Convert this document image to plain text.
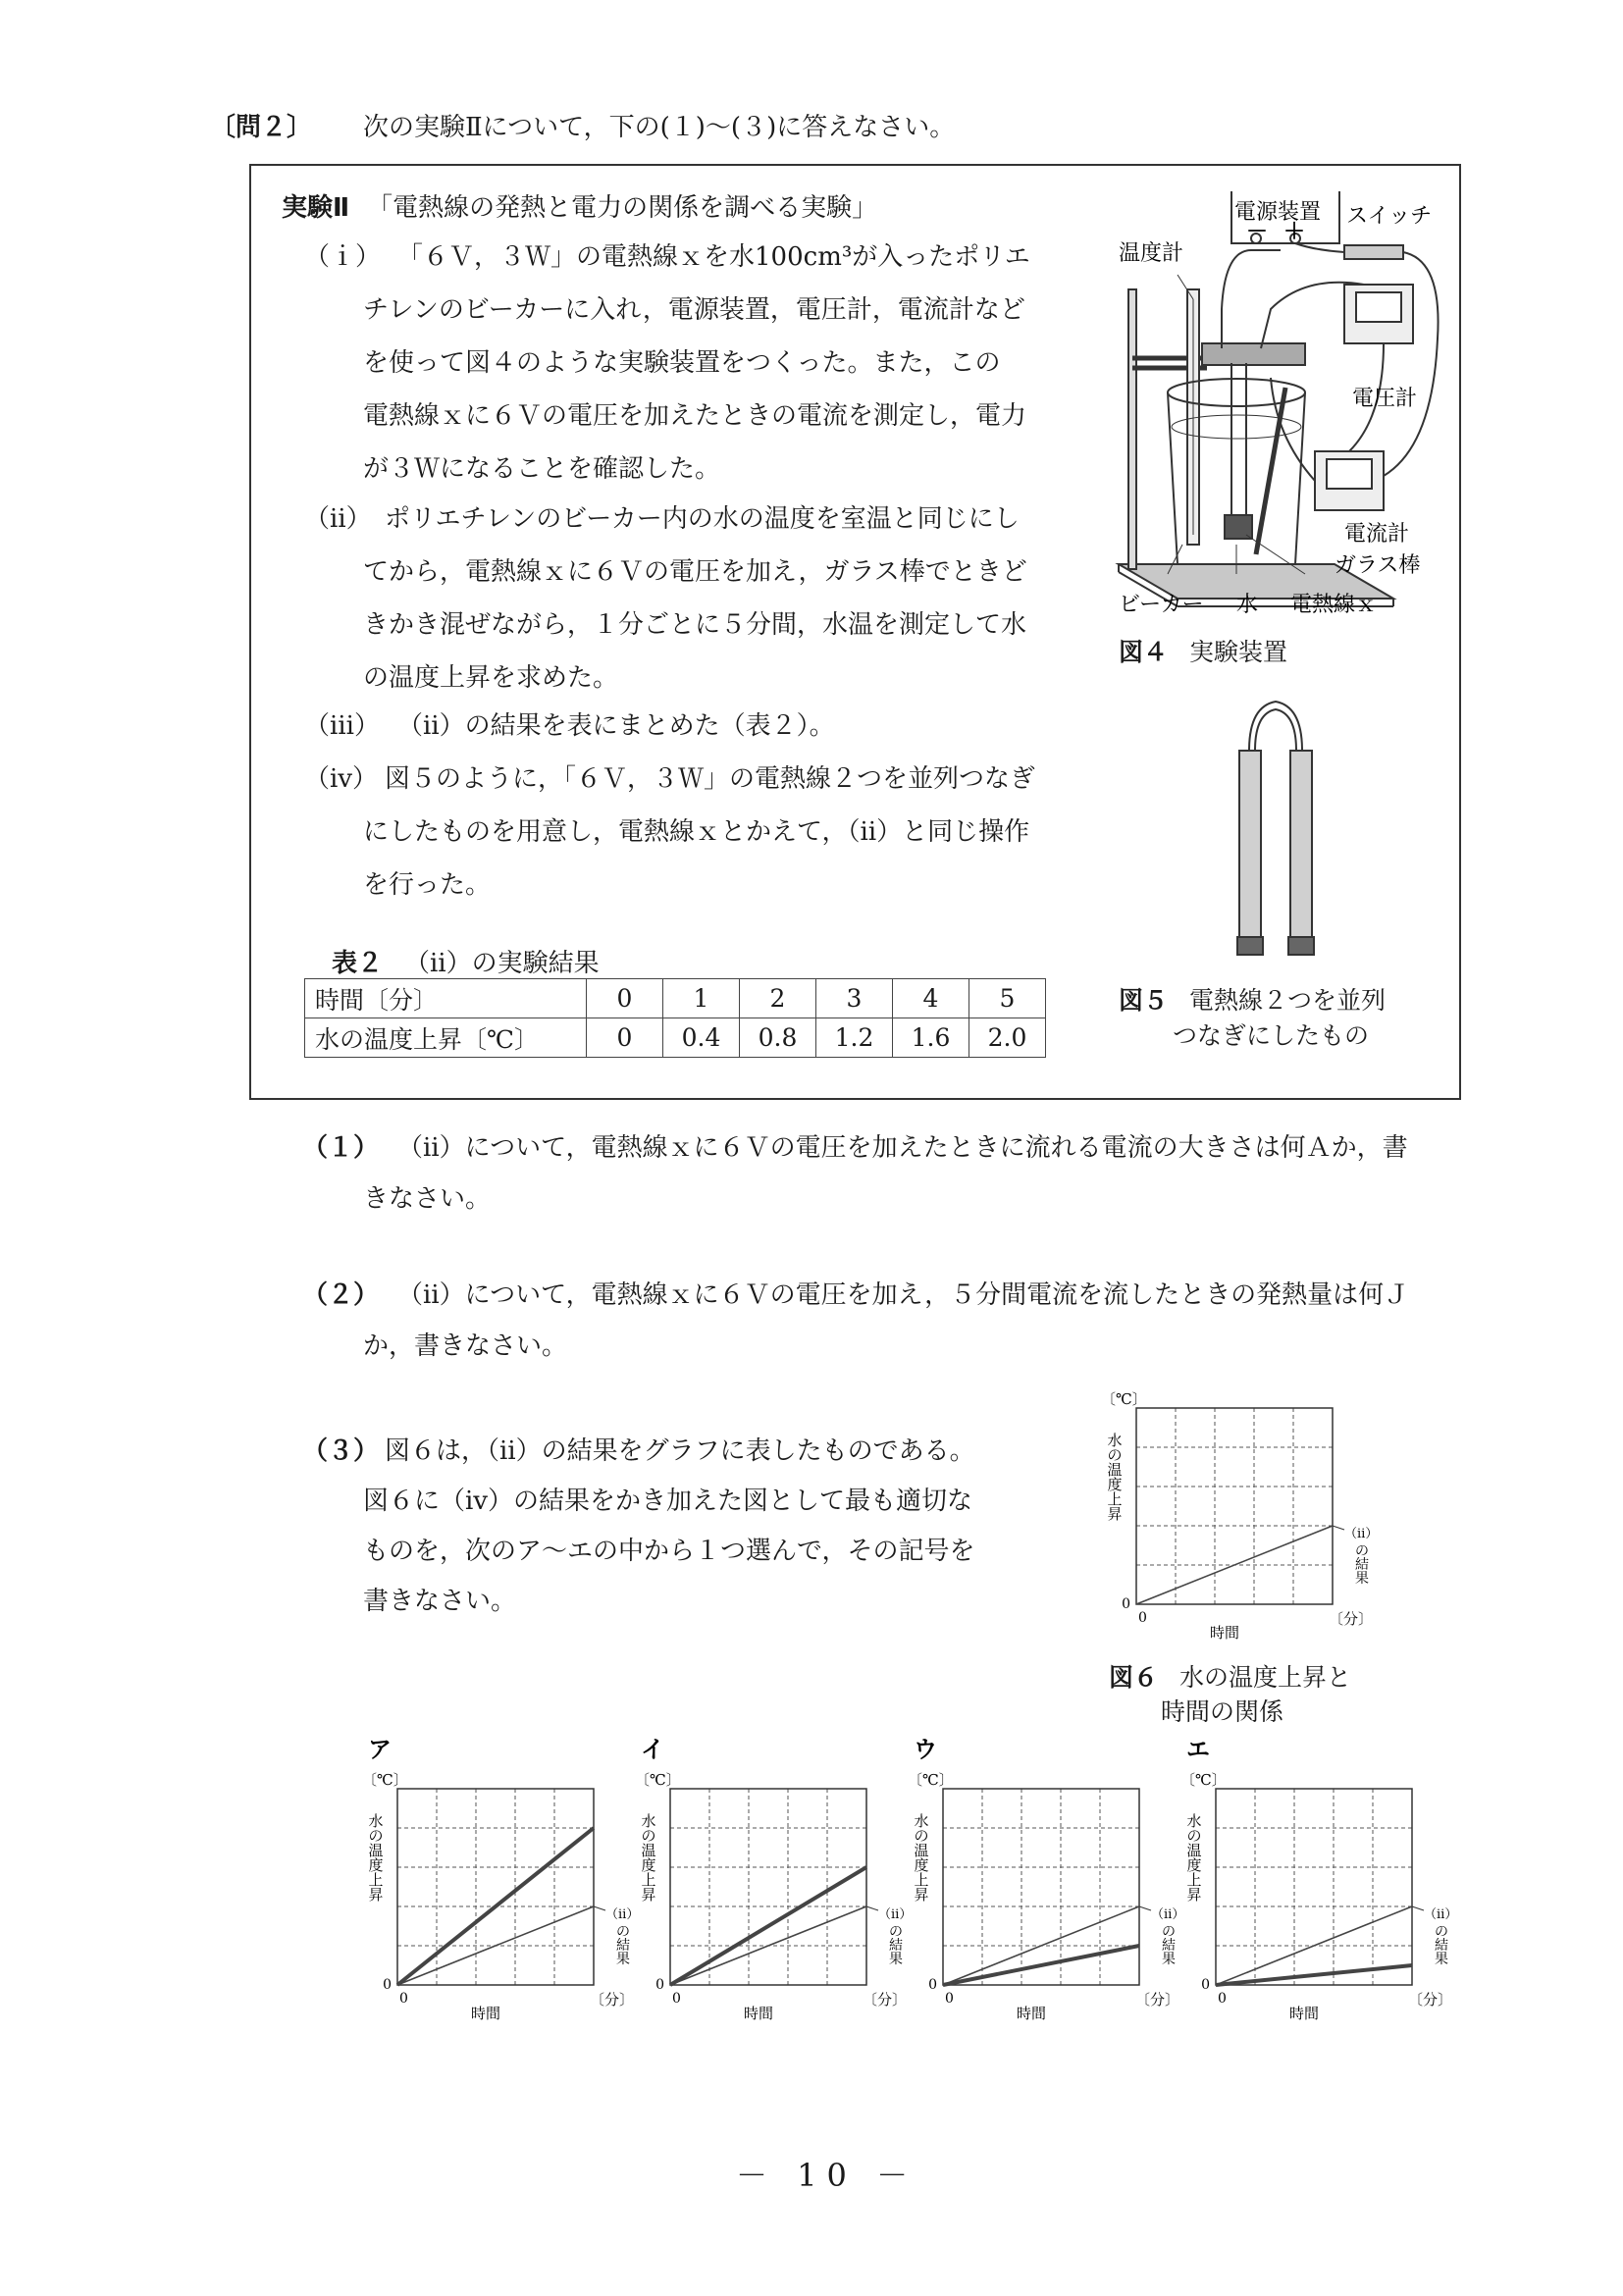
〔問２〕 次の実験Ⅱについて，下の(１)～(３)に答えなさい。
実験Ⅱ 「電熱線の発熱と電力の関係を調べる実験」
（ｉ） 「６Ｖ，３Ｗ」の電熱線ｘを水100cm³が入ったポリエ
チレンのビーカーに入れ，電源装置，電圧計，電流計など
を使って図４のような実験装置をつくった。また，この
電熱線ｘに６Ｖの電圧を加えたときの電流を測定し，電力
が３Ｗになることを確認した。
（ⅱ） ポリエチレンのビーカー内の水の温度を室温と同じにし
てから，電熱線ｘに６Ｖの電圧を加え，ガラス棒でときど
きかき混ぜながら，１分ごとに５分間，水温を測定して水
の温度上昇を求めた。
（ⅲ） （ⅱ）の結果を表にまとめた（表２）。
（ⅳ） 図５のように，「６Ｖ，３Ｗ」の電熱線２つを並列つなぎ
にしたものを用意し，電熱線ｘとかえて，（ⅱ）と同じ操作
を行った。
表２ （ⅱ）の実験結果
時間〔分〕	0	1	2	3	4	5
水の温度上昇〔℃〕	0	0.4	0.8	1.2	1.6	2.0
電源装置
－ ＋
スイッチ
温度計
電圧計
電流計
ガラス棒
ビーカー 水 電熱線ｘ
図４ 実験装置
図５ 電熱線２つを並列
つなぎにしたもの
（１） （ⅱ）について，電熱線ｘに６Ｖの電圧を加えたときに流れる電流の大きさは何Ａか，書
きなさい。
（２） （ⅱ）について，電熱線ｘに６Ｖの電圧を加え，５分間電流を流したときの発熱量は何Ｊ
か，書きなさい。
（３） 図６は，（ⅱ）の結果をグラフに表したものである。
図６に（ⅳ）の結果をかき加えた図として最も適切な
ものを，次のア～エの中から１つ選んで，その記号を
書きなさい。
図６ 水の温度上昇と
時間の関係
〔℃〕
水
の
温
度
上
昇
0
0
時間
〔分〕
（ⅱ）
の
結
果
ア
〔℃〕
水
の
温
度
上
昇
0
0
時間
〔分〕
（ⅱ）
の
結
果
イ
〔℃〕
水
の
温
度
上
昇
0
0
時間
〔分〕
（ⅱ）
の
結
果
ウ
〔℃〕
水
の
温
度
上
昇
0
0
時間
〔分〕
（ⅱ）
の
結
果
エ
〔℃〕
水
の
温
度
上
昇
0
0
時間
〔分〕
（ⅱ）
の
結
果
－ 10 －
